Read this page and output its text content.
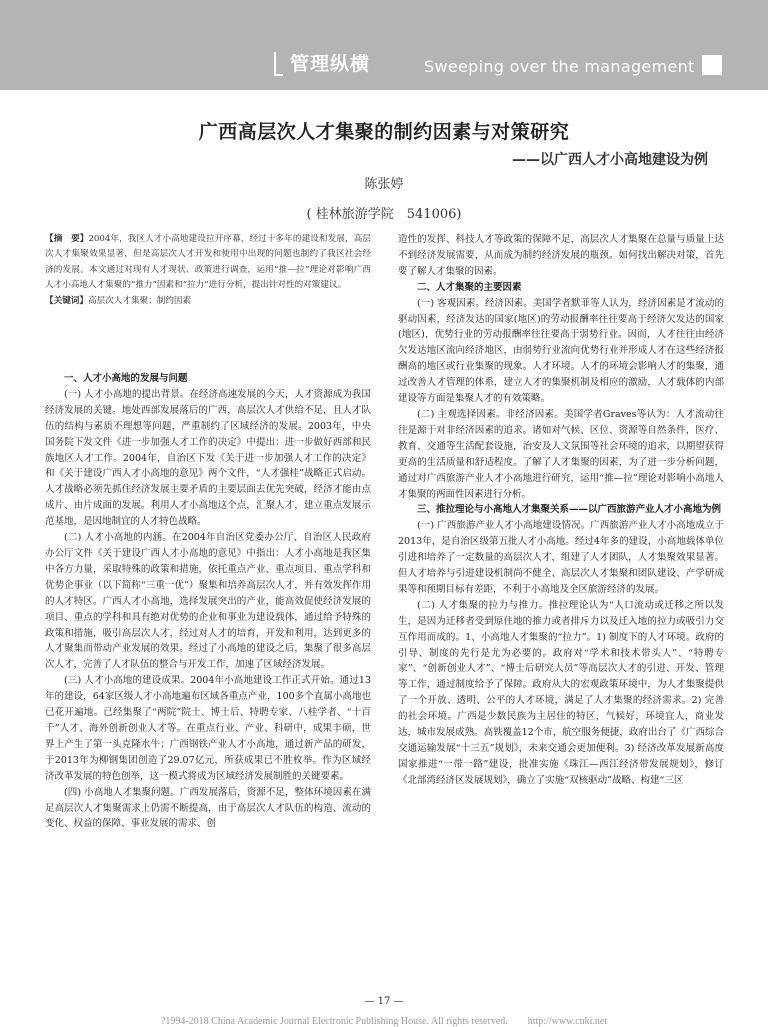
管理纵横	Sweeping over the management
广西高层次人才集聚的制约因素与对策研究
——以广西人才小高地建设为例
陈张婷
( 桂林旅游学院　541006)

【摘　要】2004年，我区人才小高地建设拉开序幕，经过十多年的建设和发展，高层次人才集聚效果显著，但是高层次人才开发和使用中出现的问题也制约了我区社会经济的发展。本文通过对现有人才现状、政策进行调查，运用“推—拉”理论对影响广西人才小高地人才集聚的“推力”因素和“拉力”进行分析，提出针对性的对策建议。

【关键词】高层次人才集聚；制约因素

一、人才小高地的发展与问题

(一) 人才小高地的提出背景。在经济高速发展的今天，人才资源成为我国经济发展的关键。地处西部发展落后的广西，高层次人才供给不足，且人才队伍的结构与素质不理想等问题，严重制约了区域经济的发展。2003年，中央国务院下发文件《进一步加强人才工作的决定》中提出：进一步做好西部和民族地区人才工作。2004年，自治区下发《关于进一步加强人才工作的决定》和《关于建设广西人才小高地的意见》两个文件，“人才强桂”战略正式启动。人才战略必须先抓住经济发展主要矛盾的主要层面去优先突破，经济才能由点成片、由片成面的发展。利用人才小高地这个点，汇聚人才，建立重点发展示范基地，是因地制宜的人才特色战略。

(二) 人才小高地的内涵。在2004年自治区党委办公厅、自治区人民政府办公厅文件《关于建设广西人才小高地的意见》中指出：人才小高地是我区集中各方力量，采取特殊的政策和措施，依托重点产业、重点项目、重点学科和优势企事业（以下简称“三重一优”）聚集和培养高层次人才，并有效发挥作用的人才特区。广西人才小高地，选择发展突出的产业，能高效促使经济发展的项目、重点的学科和具有绝对优势的企业和事业为建设载体，通过给予特殊的政策和措施，吸引高层次人才，经过对人才的培育，开发和利用，达到更多的人才聚集而带动产业发展的效果。经过了小高地的建设之后，集聚了很多高层次人才，完善了人才队伍的整合与开发工作，加速了区域经济发展。

(三) 人才小高地的建设成果。2004年小高地建设工作正式开始。通过13年的建设，64家区级人才小高地遍布区域各重点产业，100多个直属小高地也已花开遍地。已经集聚了“两院”院士、博士后、特聘专家、八桂学者、“十百千”人才、海外创新创业人才等。在重点行业、产业、科研中，成果丰硕，世界上产生了第一头克隆水牛；广西钢铁产业人才小高地，通过新产品的研发，于2013年为柳钢集团创造了29.07亿元，所获成果已不胜枚举。作为区域经济改革发展的特色创举，这一模式将成为区域经济发展制胜的关键要素。

(四) 小高地人才集聚问题。广西发展落后，资源不足，整体环境因素在满足高层次人才集聚需求上仍需不断提高，由于高层次人才队伍的构造、流动的变化、权益的保障、事业发展的需求、创

造性的发挥、科技人才等政策的保障不足，高层次人才集聚在总量与质量上达不到经济发展需要，从而成为制约经济发展的瓶颈。如何找出解决对策，首先要了解人才集聚的因素。

二、人才集聚的主要因素

(一) 客观因素。经济因素。美国学者默菲等人认为，经济因素是才流动的驱动因素，经济发达的国家(地区)的劳动报酬率往往要高于经济欠发达的国家(地区)，优势行业的劳动报酬率往往要高于弱势行业。因而，人才往往由经济欠发达地区流向经济地区，由弱势行业流向优势行业并形成人才在这些经济报酬高的地区或行业集聚的现象。人才环境。人才的环境会影响人才的集聚，通过改善人才管理的体系，建立人才的集聚机制及相应的激励，人才载体的内部建设等方面是集聚人才的有效策略。

(二) 主观选择因素。非经济因素。美国学者Graves等认为：人才流动往往是源于对非经济因素的追求。诸如对气候、区位、资源等自然条件，医疗、教育、交通等生活配套设施，治安及人文氛围等社会环境的追求，以期望获得更高的生活质量和舒适程度。了解了人才集聚的因素，为了进一步分析问题，通过对广西旅游产业人才小高地进行研究，运用“推—拉”理论对影响小高地人才集聚的两面性因素进行分析。

三、推拉理论与小高地人才集聚关系——以广西旅游产业人才小高地为例

(一) 广西旅游产业人才小高地建设情况。广西旅游产业人才小高地成立于2013年，是自治区级第五批人才小高地。经过4年多的建设，小高地载体单位引进和培养了一定数量的高层次人才，组建了人才团队，人才集聚效果显著。但人才培养与引进建设机制尚不健全、高层次人才集聚和团队建设、产学研成果等和预期目标有差距，不利于小高地及全区旅游经济的发展。

(二) 人才集聚的拉力与推力。推拉理论认为“人口流动或迁移之所以发生，是因为迁移者受到原住地的推力或者排斥力以及迁入地的拉力或吸引力交互作用而成的。1、小高地人才集聚的“拉力”。1) 制度下的人才环境。政府的引导、制度的先行是尤为必要的。政府对“学术和技术带头人”、“特聘专家”、“创新创业人才”、“博士后研究人员”等高层次人才的引进、开发、管理等工作，通过制度给予了保障。政府从大的宏观政策环境中，为人才集聚提供了一个开放、透明、公平的人才环境，满足了人才集聚的经济需求。2) 完善的社会环境。广西是少数民族为主居住的特区，气候好，环境宜人，商业发达，城市发展成熟。高铁覆盖12个市，航空服务便捷，政府出台了《广西综合交通运输发展“十三五”规划》，未来交通会更加便利。3) 经济改革发展新高度国家推进“一带一路”建设，批准实施《珠江—西江经济带发展规划》，修订《北部湾经济区发展规划》，确立了实施“双核驱动”战略、构建“三区

— 17 —
?1994-2018 China Academic Journal Electronic Publishing House. All rights reserved.　　http://www.cnki.net
